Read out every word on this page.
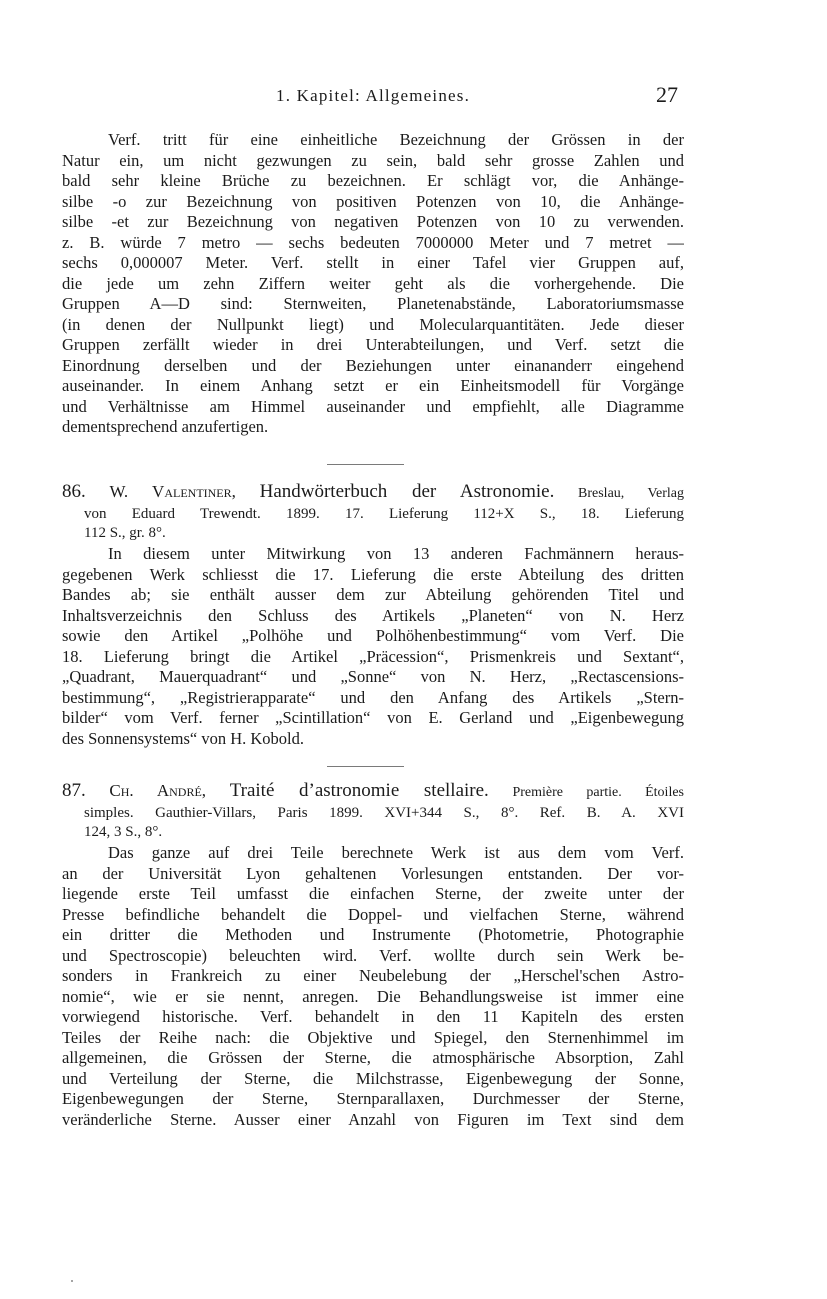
1. Kapitel: Allgemeines.	27

Verf. tritt für eine einheitliche Bezeichnung der Grössen in der

Natur ein, um nicht gezwungen zu sein, bald sehr grosse Zahlen und

bald sehr kleine Brüche zu bezeichnen. Er schlägt vor, die Anhänge-

silbe -o zur Bezeichnung von positiven Potenzen von 10, die Anhänge-

silbe -et zur Bezeichnung von negativen Potenzen von 10 zu verwenden.

z. B. würde 7 metro — sechs bedeuten 7000000 Meter und 7 metret —

sechs 0,000007 Meter. Verf. stellt in einer Tafel vier Gruppen auf,

die jede um zehn Ziffern weiter geht als die vorhergehende. Die

Gruppen A—D sind: Sternweiten, Planetenabstände, Laboratoriumsmasse

(in denen der Nullpunkt liegt) und Molecularquantitäten. Jede dieser

Gruppen zerfällt wieder in drei Unterabteilungen, und Verf. setzt die

Einordnung derselben und der Beziehungen unter einananderr eingehend

auseinander. In einem Anhang setzt er ein Einheitsmodell für Vorgänge

und Verhältnisse am Himmel auseinander und empfiehlt, alle Diagramme

dementsprechend anzufertigen.

86. W. Valentiner, Handwörterbuch der Astronomie. Breslau, Verlag

von Eduard Trewendt. 1899. 17. Lieferung 112+X S., 18. Lieferung

112 S., gr. 8°.

In diesem unter Mitwirkung von 13 anderen Fachmännern heraus-

gegebenen Werk schliesst die 17. Lieferung die erste Abteilung des dritten

Bandes ab; sie enthält ausser dem zur Abteilung gehörenden Titel und

Inhaltsverzeichnis den Schluss des Artikels „Planeten“ von N. Herz

sowie den Artikel „Polhöhe und Polhöhenbestimmung“ vom Verf. Die

18. Lieferung bringt die Artikel „Präcession“, Prismenkreis und Sextant“,

„Quadrant, Mauerquadrant“ und „Sonne“ von N. Herz, „Rectascensions-

bestimmung“, „Registrierapparate“ und den Anfang des Artikels „Stern-

bilder“ vom Verf. ferner „Scintillation“ von E. Gerland und „Eigenbewegung

des Sonnensystems“ von H. Kobold.

87. Ch. André, Traité d’astronomie stellaire. Première partie. Étoiles

simples. Gauthier-Villars, Paris 1899. XVI+344 S., 8°. Ref. B. A. XVI

124, 3 S., 8°.

Das ganze auf drei Teile berechnete Werk ist aus dem vom Verf.

an der Universität Lyon gehaltenen Vorlesungen entstanden. Der vor-

liegende erste Teil umfasst die einfachen Sterne, der zweite unter der

Presse befindliche behandelt die Doppel- und vielfachen Sterne, während

ein dritter die Methoden und Instrumente (Photometrie, Photographie

und Spectroscopie) beleuchten wird. Verf. wollte durch sein Werk be-

sonders in Frankreich zu einer Neubelebung der „Herschel'schen Astro-

nomie“, wie er sie nennt, anregen. Die Behandlungsweise ist immer eine

vorwiegend historische. Verf. behandelt in den 11 Kapiteln des ersten

Teiles der Reihe nach: die Objektive und Spiegel, den Sternenhimmel im

allgemeinen, die Grössen der Sterne, die atmosphärische Absorption, Zahl

und Verteilung der Sterne, die Milchstrasse, Eigenbewegung der Sonne,

Eigenbewegungen der Sterne, Sternparallaxen, Durchmesser der Sterne,

veränderliche Sterne. Ausser einer Anzahl von Figuren im Text sind dem
